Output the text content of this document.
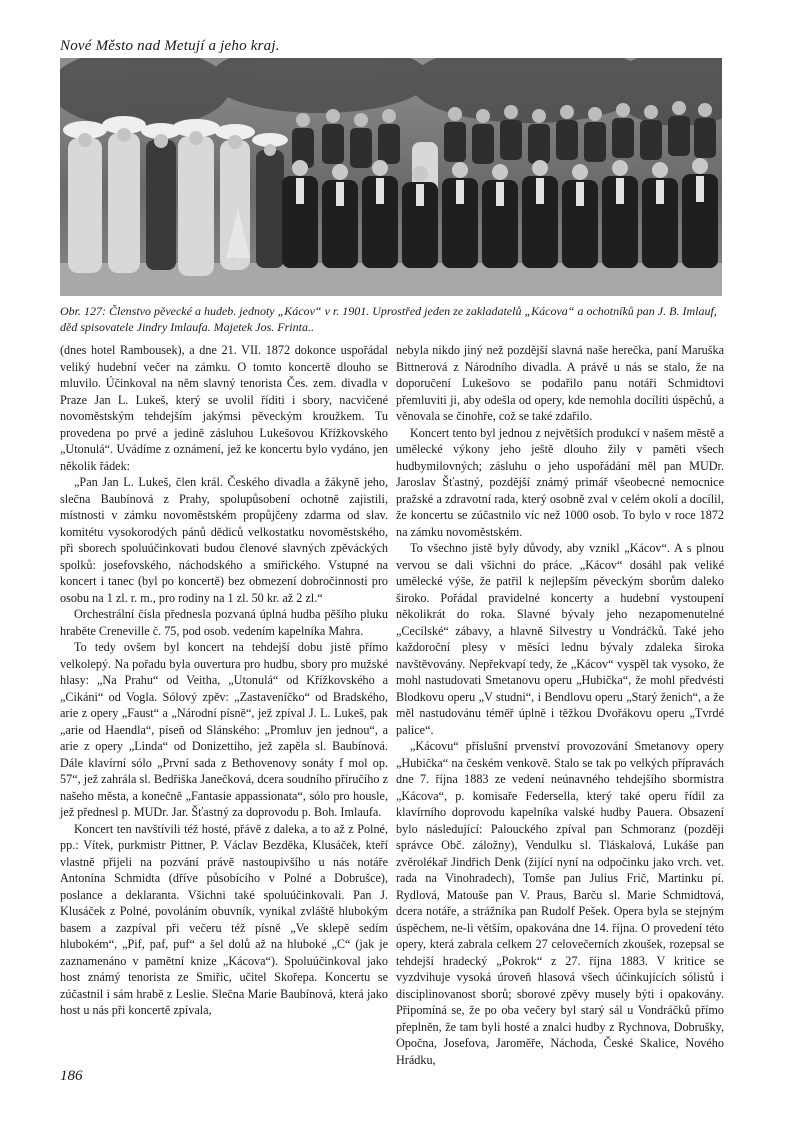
Nové Město nad Metují a jeho kraj.
Obr. 127: Členstvo pěvecké a hudeb. jednoty „Kácov“ v r. 1901. Uprostřed jeden ze zakladatelů „Kácova“ a ochotníků pan J. B. Imlauf, děd spisovatele Jindry Imlaufa. Majetek Jos. Frinta..

(dnes hotel Rambousek), a dne 21. VII. 1872 dokonce uspořádal veliký hudební večer na zámku. O tomto koncertě dlouho se mluvilo. Účinkoval na něm slavný tenorista Čes. zem. divadla v Praze Jan L. Lukeš, který se uvolil říditi i sbory, nacvičené novoměstským tehdejším jakýmsi pěveckým kroužkem. Tu provedena po prvé a jedině zásluhou Lukešovou Křížkovského „Utonulá“. Uvádíme z oznámení, jež ke koncertu bylo vydáno, jen několik řádek:

„Pan Jan L. Lukeš, člen král. Českého divadla a žákyně jeho, slečna Baubínová z Prahy, spolupůsobení ochotně zajistili, místnosti v zámku novoměstském propůjčeny zdarma od slav. komitétu vysokorodých pánů dědiců velkostatku novoměstského, při sborech spoluúčinkovati budou členové slavných zpěváckých spolků: josefovského, náchodského a smiřického. Vstupné na koncert i tanec (byl po koncertě) bez obmezení dobročinnosti pro osobu na 1 zl. r. m., pro rodiny na 1 zl. 50 kr. až 2 zl.“

Orchestrální čísla přednesla pozvaná úplná hudba pěšího pluku hraběte Creneville č. 75, pod osob. vedením kapelníka Mahra.

To tedy ovšem byl koncert na tehdejší dobu jistě přímo velkolepý. Na pořadu byla ouvertura pro hudbu, sbory pro mužské hlasy: „Na Prahu“ od Veitha, „Utonulá“ od Křížkovského a „Cikáni“ od Vogla. Sólový zpěv: „Zastaveníčko“ od Bradského, arie z opery „Faust“ a „Národní písně“, jež zpíval J. L. Lukeš, pak „arie od Haendla“, píseň od Slánského: „Promluv jen jednou“, a arie z opery „Linda“ od Donizettiho, jež zapěla sl. Baubínová. Dále klavírní sólo „První sada z Bethovenovy sonáty f mol op. 57“, jež zahrála sl. Bedřiška Janečková, dcera soudního příručího z našeho města, a konečně „Fantasie appassionata“, sólo pro housle, jež přednesl p. MUDr. Jar. Šťastný za doprovodu p. Boh. Imlaufa.

Koncert ten navštívili též hosté, přávě z daleka, a to až z Polné, pp.: Vítek, purkmistr Pittner, P. Václav Bezděka, Klusáček, kteří vlastně přijeli na pozvání právě nastoupivšího u nás notáře Antonína Schmidta (dříve působícího v Polné a Dobrušce), poslance a deklaranta. Všichni také spoluúčinkovali. Pan J. Klusáček z Polné, povoláním obuvník, vynikal zvláště hlubokým basem a zazpíval při večeru též písně „Ve sklepě sedím hlubokém“, „Pif, paf, puf“ a šel dolů až na hluboké „C“ (jak je zaznamenáno v pamětní knize „Kácova“). Spoluúčinkoval jako host známý tenorista ze Smiřic, učitel Skořepa. Koncertu se zúčastnil i sám hrabě z Leslie. Slečna Marie Baubínová, která jako host u nás při koncertě zpívala,

nebyla nikdo jiný než pozdější slavná naše herečka, paní Maruška Bittnerová z Národního divadla. A právě u nás se stalo, že na doporučení Lukešovo se podařilo panu notáři Schmidtovi přemluviti ji, aby odešla od opery, kde nemohla docíliti úspěchů, a věnovala se činohře, což se také zdařilo.

Koncert tento byl jednou z největších produkcí v našem městě a umělecké výkony jeho ještě dlouho žily v paměti všech hudbymilovných; zásluhu o jeho uspořádání měl pan MUDr. Jaroslav Šťastný, pozdější známý primář všeobecné nemocnice pražské a zdravotní rada, který osobně zval v celém okolí a docílil, že koncertu se zúčastnilo víc než 1000 osob. To bylo v roce 1872 na zámku novoměstském.

To všechno jistě byly důvody, aby vznikl „Kácov“. A s plnou vervou se dali všichni do práce. „Kácov“ dosáhl pak veliké umělecké výše, že patřil k nejlepším pěveckým sborům daleko široko. Pořádal pravidelné koncerty a hudební vystoupení několikrát do roka. Slavné bývaly jeho nezapomenutelné „Cecílské“ zábavy, a hlavně Silvestry u Vondráčků. Také jeho každoroční plesy v měsíci lednu bývaly zdaleka široka navštěvovány. Nepřekvapí tedy, že „Kácov“ vyspěl tak vysoko, že mohl nastudovati Smetanovu operu „Hubička“, že mohl předvésti Blodkovu operu „V studni“, i Bendlovu operu „Starý ženich“, a že měl nastudovánu téměř úplně i těžkou Dvořákovu operu „Tvrdé palice“.

„Kácovu“ příslušní prvenství provozování Smetanovy opery „Hubička“ na českém venkově. Stalo se tak po velkých přípravách dne 7. října 1883 ze vedení neúnavného tehdejšího sbormistra „Kácova“, p. komisaře Federsella, který také operu řídil za klavírního doprovodu kapelníka valské hudby Pauera. Obsazení bylo následující: Palouckého zpíval pan Schmoranz (později správce Obč. záložny), Vendulku sl. Tláskalová, Lukáše pan zvěrolékař Jindřich Denk (žijící nyní na odpočinku jako vrch. vet. rada na Vinohradech), Tomše pan Julius Frič, Martinku pí. Rydlová, Matouše pan V. Praus, Barču sl. Marie Schmidtová, dcera notáře, a strážníka pan Rudolf Pešek. Opera byla se stejným úspěchem, ne-li větším, opakována dne 14. října. O provedení této opery, která zabrala celkem 27 celovečerních zkoušek, rozepsal se tehdejší hradecký „Pokrok“ z 27. října 1883. V kritice se vyzdvihuje vysoká úroveň hlasová všech účinkujících sólistů i disciplinovanost sborů; sborové zpěvy musely býti i opakovány. Připomíná se, že po oba večery byl starý sál u Vondráčků přímo přeplněn, že tam byli hosté a znalci hudby z Rychnova, Dobrušky, Opočna, Josefova, Jaroměře, Náchoda, České Skalice, Nového Hrádku,

186
